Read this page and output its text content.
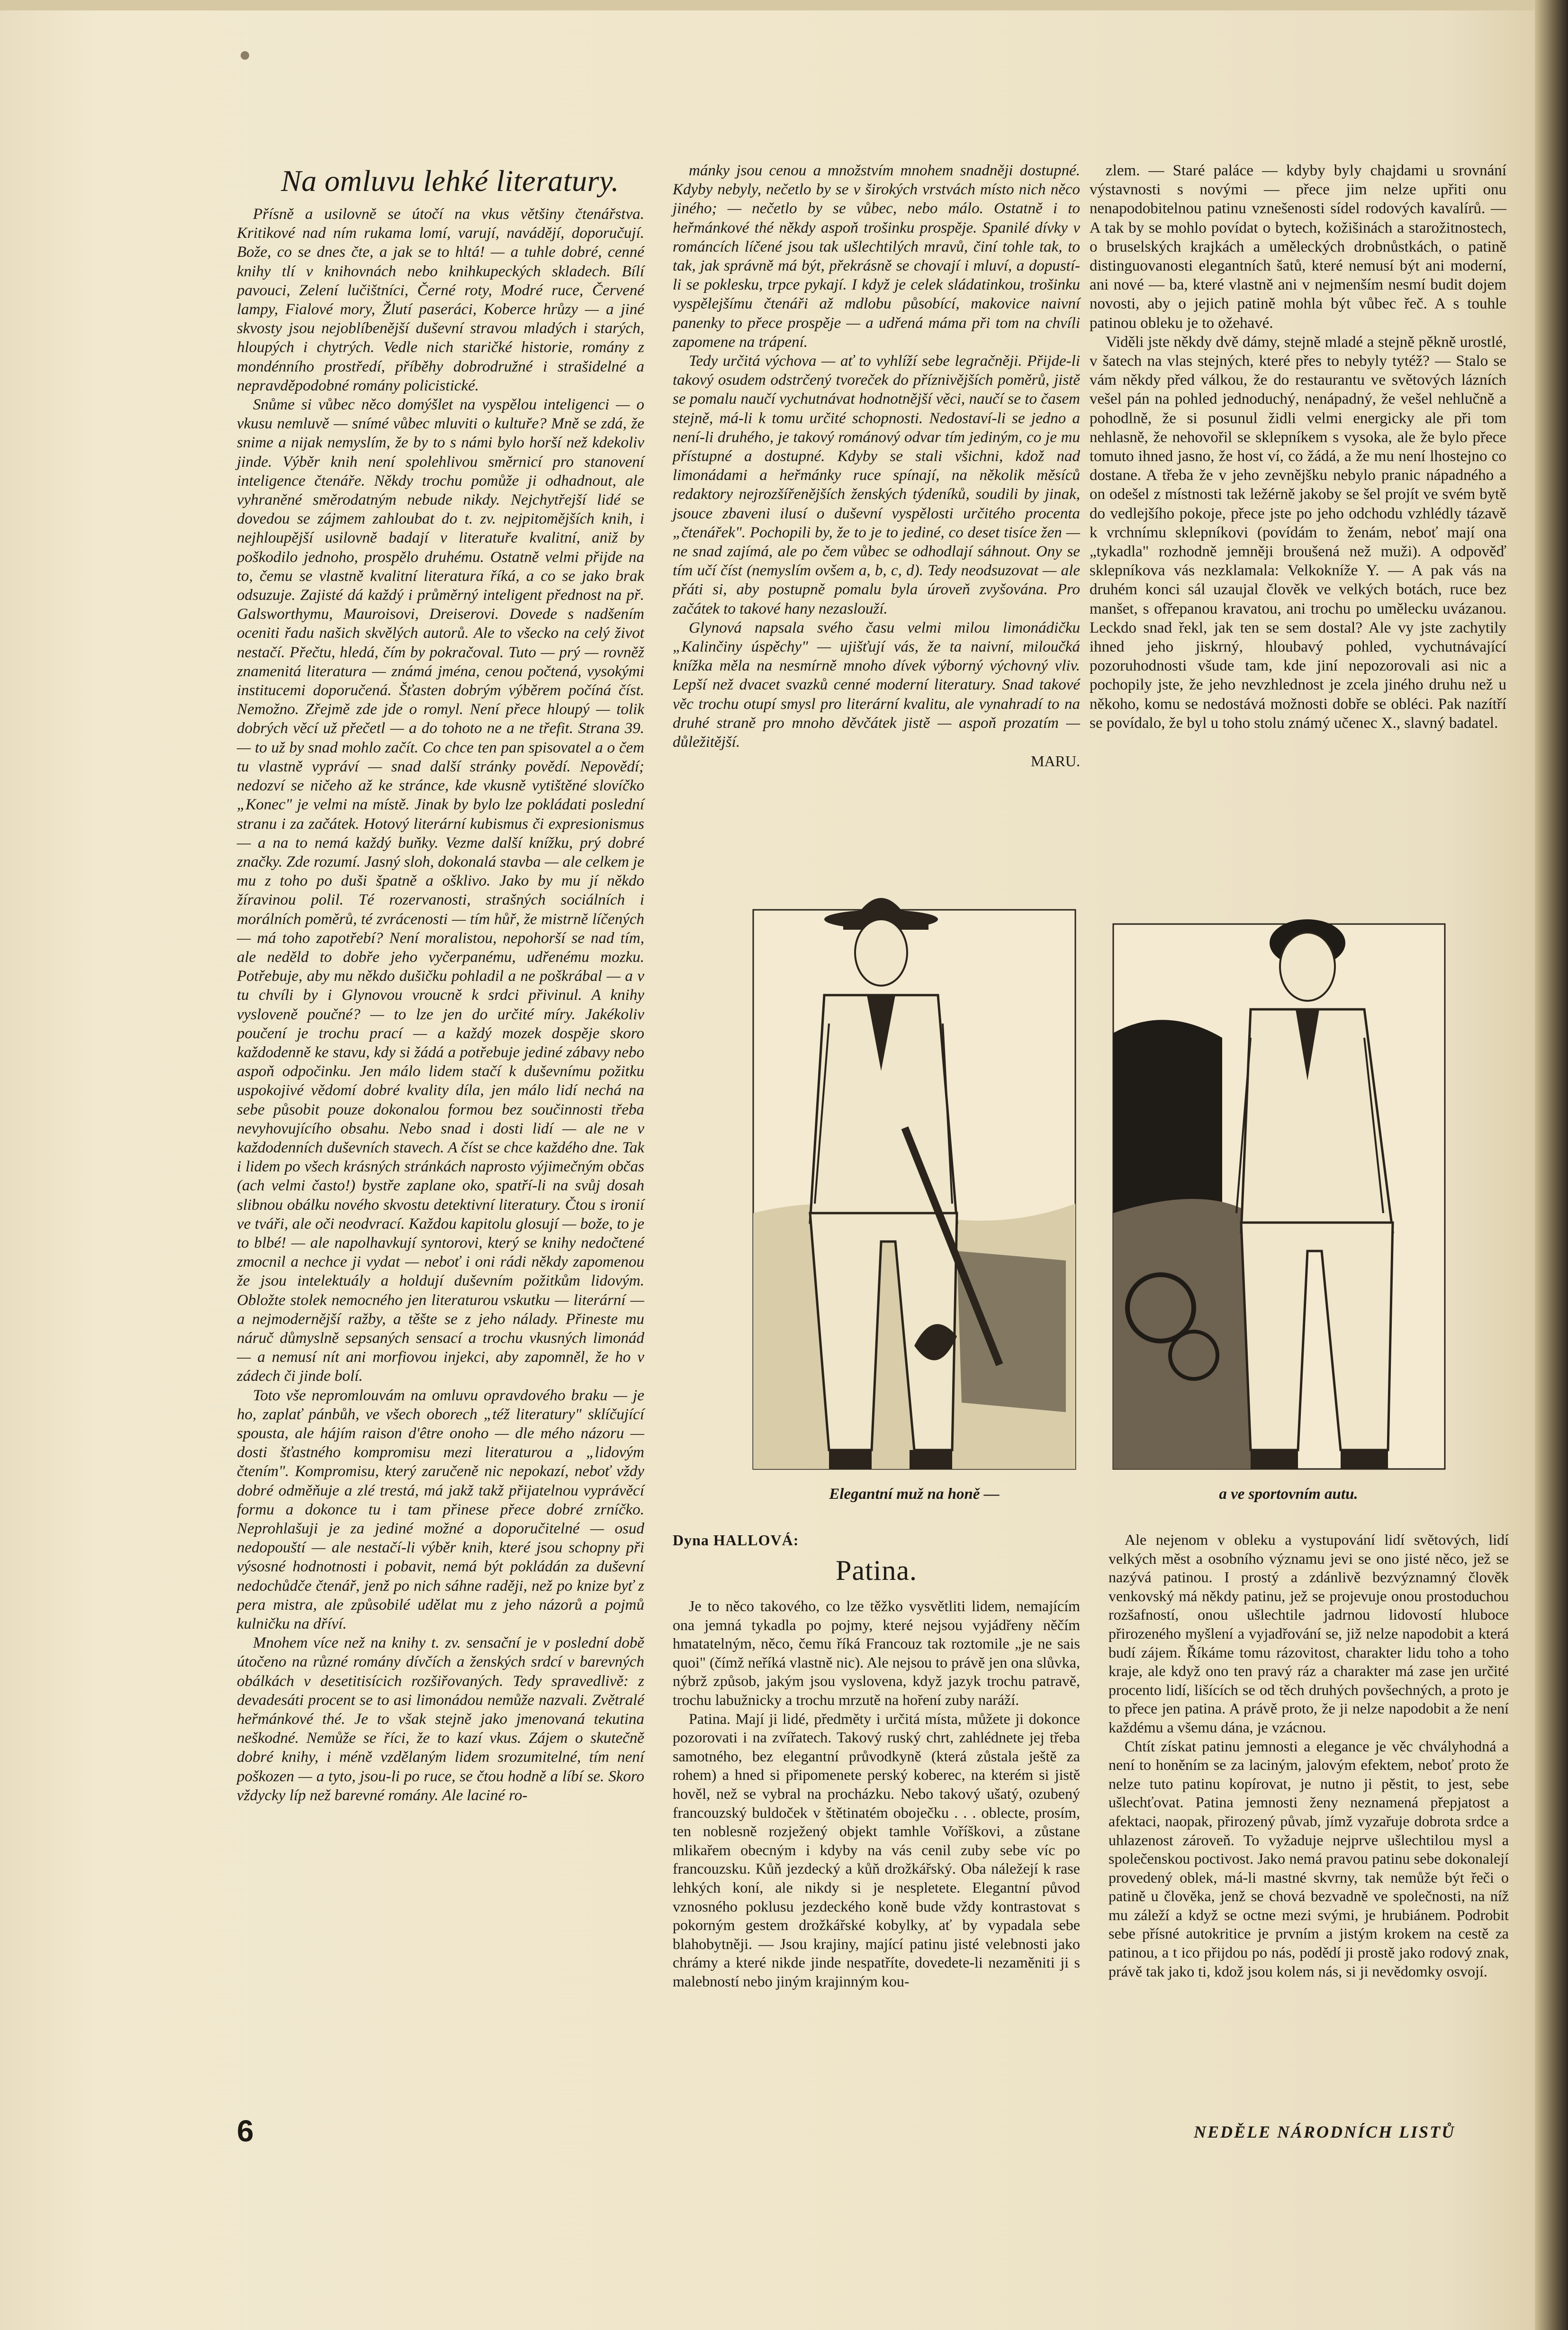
Na omluvu lehké literatury.

Přísně a usilovně se útočí na vkus většiny čtenářstva. Kritikové nad ním rukama lomí, varují, navádějí, doporučují. Bože, co se dnes čte, a jak se to hltá! — a tuhle dobré, cenné knihy tlí v knihovnách nebo knihkupeckých skladech. Bílí pavouci, Zelení lučištníci, Černé roty, Modré ruce, Červené lampy, Fialové mory, Žlutí paseráci, Koberce hrůzy — a jiné skvosty jsou nejoblíbenější duševní stravou mladých i starých, hloupých i chytrých. Vedle nich staričké historie, romány z mondénního prostředí, příběhy dobrodružné i strašidelné a nepravděpodobné romány policistické.

Snůme si vůbec něco domýšlet na vyspělou inteligenci — o vkusu nemluvě — snímé vůbec mluviti o kultuře? Mně se zdá, že snime a nijak nemyslím, že by to s námi bylo horší než kdekoliv jinde. Výběr knih není spolehlivou směrnicí pro stanovení inteligence čtenáře. Někdy trochu pomůže ji odhadnout, ale vyhraněné směrodatným nebude nikdy. Nejchytřejší lidé se dovedou se zájmem zahloubat do t. zv. nejpitomějších knih, i nejhloupější usilovně badají v literatuře kvalitní, aniž by poškodilo jednoho, prospělo druhému. Ostatně velmi přijde na to, čemu se vlastně kvalitní literatura říká, a co se jako brak odsuzuje. Zajisté dá každý i průměrný inteligent přednost na př. Galsworthymu, Mauroisovi, Dreiserovi. Dovede s nadšením oceniti řadu našich skvělých autorů. Ale to všecko na celý život nestačí. Přečtu, hledá, čím by pokračoval. Tuto — prý — rovněž znamenitá literatura — známá jména, cenou počtená, vysokými institucemi doporučená. Šťasten dobrým výběrem počíná číst. Nemožno. Zřejmě zde jde o romyl. Není přece hloupý — tolik dobrých věcí už přečetl — a do tohoto ne a ne třefit. Strana 39. — to už by snad mohlo začít. Co chce ten pan spisovatel a o čem tu vlastně vypráví — snad další stránky povědí. Nepovědí; nedozví se ničeho až ke stránce, kde vkusně vytištěné slovíčko „Konec" je velmi na místě. Jinak by bylo lze pokládati poslední stranu i za začátek. Hotový literární kubismus či expresionismus — a na to nemá každý buňky. Vezme další knížku, prý dobré značky. Zde rozumí. Jasný sloh, dokonalá stavba — ale celkem je mu z toho po duši špatně a ošklivo. Jako by mu jí někdo žíravinou polil. Té rozervanosti, strašných sociálních i morálních poměrů, té zvrácenosti — tím hůř, že mistrně líčených — má toho zapotřebí? Není moralistou, nepohorší se nad tím, ale neděld to dobře jeho vyčerpanému, udřenému mozku. Potřebuje, aby mu někdo dušičku pohladil a ne poškrábal — a v tu chvíli by i Glynovou vroucně k srdci přivinul. A knihy vysloveně poučné? — to lze jen do určité míry. Jakékoliv poučení je trochu prací — a každý mozek dospěje skoro každodenně ke stavu, kdy si žádá a potřebuje jediné zábavy nebo aspoň odpočinku. Jen málo lidem stačí k duševnímu požitku uspokojivé vědomí dobré kvality díla, jen málo lidí nechá na sebe působit pouze dokonalou formou bez součinnosti třeba nevyhovujícího obsahu. Nebo snad i dosti lidí — ale ne v každodenních duševních stavech. A číst se chce každého dne. Tak i lidem po všech krásných stránkách naprosto výjimečným občas (ach velmi často!) bystře zaplane oko, spatří-li na svůj dosah slibnou obálku nového skvostu detektivní literatury. Čtou s ironií ve tváři, ale oči neodvrací. Každou kapitolu glosují — bože, to je to blbé! — ale napolhavkují syntorovi, který se knihy nedočtené zmocnil a nechce ji vydat — neboť i oni rádi někdy zapomenou že jsou intelektuály a holdují duševním požitkům lidovým. Obložte stolek nemocného jen literaturou vskutku — literární — a nejmodernější ražby, a těšte se z jeho nálady. Přineste mu náruč důmyslně sepsaných sensací a trochu vkusných limonád — a nemusí nít ani morfiovou injekci, aby zapomněl, že ho v zádech či jinde bolí.

Toto vše nepromlouvám na omluvu opravdového braku — je ho, zaplať pánbůh, ve všech oborech „též literatury" sklíčující spousta, ale hájím raison d'être onoho — dle mého názoru — dosti šťastného kompromisu mezi literaturou a „lidovým čtením". Kompromisu, který zaručeně nic nepokazí, neboť vždy dobré odměňuje a zlé trestá, má jakž takž přijatelnou vyprávěcí formu a dokonce tu i tam přinese přece dobré zrníčko. Neprohlašuji je za jediné možné a doporučitelné — osud nedopouští — ale nestačí-li výběr knih, které jsou schopny při výsosné hodnotnosti i pobavit, nemá být pokládán za duševní nedochůdče čtenář, jenž po nich sáhne raději, než po knize byť z pera mistra, ale způsobilé udělat mu z jeho názorů a pojmů kulničku na dříví.

Mnohem více než na knihy t. zv. sensační je v poslední době útočeno na různé romány dívčích a ženských srdcí v barevných obálkách v desetitisícich rozšiřovaných. Tedy spravedlivě: z devadesáti procent se to asi limonádou nemůže nazvali. Zvětralé heřmánkové thé. Je to však stejně jako jmenovaná tekutina neškodné. Nemůže se říci, že to kazí vkus. Zájem o skutečně dobré knihy, i méně vzdělaným lidem srozumitelné, tím není poškozen — a tyto, jsou-li po ruce, se čtou hodně a líbí se. Skoro vždycky líp než barevné romány. Ale laciné ro-

mánky jsou cenou a množstvím mnohem snadněji dostupné. Kdyby nebyly, nečetlo by se v širokých vrstvách místo nich něco jiného; — nečetlo by se vůbec, nebo málo. Ostatně i to heřmánkové thé někdy aspoň trošinku prospěje. Spanilé dívky v románcích líčené jsou tak ušlechtilých mravů, činí tohle tak, to tak, jak správně má být, překrásně se chovají i mluví, a dopustí-li se poklesku, trpce pykají. I když je celek sládatinkou, trošinku vyspělejšímu čtenáři až mdlobu působící, makovice naivní panenky to přece prospěje — a udřená máma při tom na chvíli zapomene na trápení.

Tedy určitá výchova — ať to vyhlíží sebe legračněji. Přijde-li takový osudem odstrčený tvoreček do příznivějších poměrů, jistě se pomalu naučí vychutnávat hodnotnější věci, naučí se to časem stejně, má-li k tomu určité schopnosti. Nedostaví-li se jedno a není-li druhého, je takový románový odvar tím jediným, co je mu přístupné a dostupné. Kdyby se stali všichni, kdož nad limonádami a heřmánky ruce spínají, na několik měsíců redaktory nejrozšířenějších ženských týdeníků, soudili by jinak, jsouce zbaveni ilusí o duševní vyspělosti určitého procenta „čtenářek". Pochopili by, že to je to jediné, co deset tisíce žen — ne snad zajímá, ale po čem vůbec se odhodlají sáhnout. Ony se tím učí číst (nemyslím ovšem a, b, c, d). Tedy neodsuzovat — ale přáti si, aby postupně pomalu byla úroveň zvyšována. Pro začátek to takové hany nezaslouží.

Glynová napsala svého času velmi milou limonádičku „Kalinčiny úspěchy" — ujišťují vás, že ta naivní, miloučká knížka měla na nesmírně mnoho dívek výborný výchovný vliv. Lepší než dvacet svazků cenné moderní literatury. Snad takové věc trochu otupí smysl pro literární kvalitu, ale vynahradí to na druhé straně pro mnoho děvčátek jistě — aspoň prozatím — důležitější.

MARU.

zlem. — Staré paláce — kdyby byly chajdami u srovnání výstavnosti s novými — přece jim nelze upřiti onu nenapodobitelnou patinu vznešenosti sídel rodových kavalírů. — A tak by se mohlo povídat o bytech, kožišinách a starožitnostech, o bruselských krajkách a uměleckých drobnůstkách, o patině distinguovanosti elegantních šatů, které nemusí být ani moderní, ani nové — ba, které vlastně ani v nejmenším nesmí budit dojem novosti, aby o jejich patině mohla být vůbec řeč. A s touhle patinou obleku je to ožehavé.

Viděli jste někdy dvě dámy, stejně mladé a stejně pěkně urostlé, v šatech na vlas stejných, které přes to nebyly tytéž? — Stalo se vám někdy před válkou, že do restaurantu ve světových lázních vešel pán na pohled jednoduchý, nenápadný, že vešel nehlučně a pohodlně, že si posunul židli velmi energicky ale při tom nehlasně, že nehovořil se sklepníkem s vysoka, ale že bylo přece tomuto ihned jasno, že host ví, co žádá, a že mu není lhostejno co dostane. A třeba že v jeho zevnějšku nebylo pranic nápadného a on odešel z místnosti tak ležérně jakoby se šel projít ve svém bytě do vedlejšího pokoje, přece jste po jeho odchodu vzhlédly tázavě k vrchnímu sklepníkovi (povídám to ženám, neboť mají ona „tykadla" rozhodně jemněji broušená než muži). A odpověď sklepníkova vás nezklamala: Velkokníže Y. — A pak vás na druhém konci sál uzaujal člověk ve velkých botách, ruce bez manšet, s ofřepanou kravatou, ani trochu po umělecku uvázanou. Leckdo snad řekl, jak ten se sem dostal? Ale vy jste zachytily ihned jeho jiskrný, hloubavý pohled, vychutnávající pozoruhodnosti všude tam, kde jiní nepozorovali asi nic a pochopily jste, že jeho nevzhlednost je zcela jiného druhu než u někoho, komu se nedostává možnosti dobře se obléci. Pak nazítří se povídalo, že byl u toho stolu známý učenec X., slavný badatel.

Elegantní muž na honě —	a ve sportovním autu.
Dyna HALLOVÁ:
Patina.

Je to něco takového, co lze těžko vysvětliti lidem, nemajícím ona jemná tykadla po pojmy, které nejsou vyjádřeny něčím hmatatelným, něco, čemu říká Francouz tak roztomile „je ne sais quoi" (čímž neříká vlastně nic). Ale nejsou to právě jen ona slůvka, nýbrž způsob, jakým jsou vyslovena, když jazyk trochu patravě, trochu labužnicky a trochu mrzutě na hoření zuby naráží.

Patina. Mají ji lidé, předměty i určitá místa, můžete ji dokonce pozorovati i na zvířatech. Takový ruský chrt, zahlédnete jej třeba samotného, bez elegantní průvodkyně (která zůstala ještě za rohem) a hned si připomenete perský koberec, na kterém si jistě hověl, než se vybral na procházku. Nebo takový ušatý, ozubený francouzský buldoček v štětinatém oboječku . . . oblecte, prosím, ten noblesně rozježený objekt tamhle Voříškovi, a zůstane mlikařem obecným i kdyby na vás cenil zuby sebe víc po francouzsku. Kůň jezdecký a kůň drožkářský. Oba náležejí k rase lehkých koní, ale nikdy si je nespletete. Elegantní původ vznosného poklusu jezdeckého koně bude vždy kontrastovat s pokorným gestem drožkářské kobylky, ať by vypadala sebe blahobytněji. — Jsou krajiny, mající patinu jisté velebnosti jako chrámy a které nikde jinde nespatříte, dovedete-li nezaměniti ji s malebností nebo jiným krajinným kou-

Ale nejenom v obleku a vystupování lidí světových, lidí velkých měst a osobního významu jevi se ono jisté něco, jež se nazývá patinou. I prostý a zdánlivě bezvýznamný člověk venkovský má někdy patinu, jež se projevuje onou prostoduchou rozšafností, onou ušlechtile jadrnou lidovostí hluboce přirozeného myšlení a vyjadřování se, již nelze napodobit a která budí zájem. Říkáme tomu rázovitost, charakter lidu toho a toho kraje, ale když ono ten pravý ráz a charakter má zase jen určité procento lidí, lišících se od těch druhých povšechných, a proto je to přece jen patina. A právě proto, že ji nelze napodobit a že není každému a všemu dána, je vzácnou.

Chtít získat patinu jemnosti a elegance je věc chvályhodná a není to honěním se za laciným, jalovým efektem, neboť proto že nelze tuto patinu kopírovat, je nutno ji pěstit, to jest, sebe ušlechťovat. Patina jemnosti ženy neznamená přepjatost a afektaci, naopak, přirozený půvab, jímž vyzařuje dobrota srdce a uhlazenost zároveň. To vyžaduje nejprve ušlechtilou mysl a společenskou poctivost. Jako nemá pravou patinu sebe dokonalejí provedený oblek, má-li mastné skvrny, tak nemůže být řeči o patině u člověka, jenž se chová bezvadně ve společnosti, na níž mu záleží a když se octne mezi svými, je hrubiánem. Podrobit sebe přísné autokritice je prvním a jistým krokem na cestě za patinou, a t ico přijdou po nás, podědí ji prostě jako rodový znak, právě tak jako ti, kdož jsou kolem nás, si ji nevědomky osvojí.

6	NEDĚLE NÁRODNÍCH LISTŮ
